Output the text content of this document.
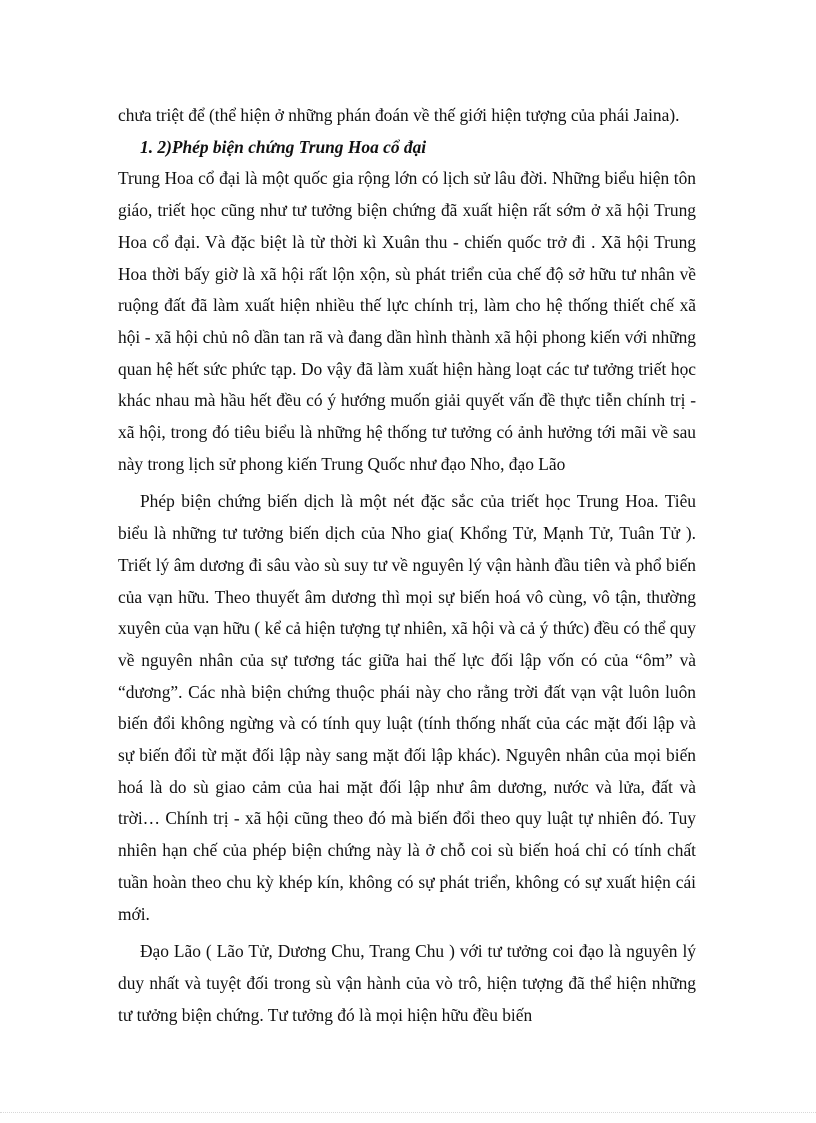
chưa triệt để (thể hiện ở những phán đoán về thế giới hiện tượng của phái Jaina).

1. 2)Phép biện chứng Trung Hoa cổ đại

Trung Hoa cổ đại là một quốc gia rộng lớn có lịch sử lâu đời. Những biểu hiện tôn giáo, triết học cũng như tư tưởng biện chứng đã xuất hiện rất sớm ở xã hội Trung Hoa cổ đại. Và đặc biệt là từ thời kì Xuân thu - chiến quốc trở đi . Xã hội Trung Hoa thời bấy giờ là xã hội rất lộn xộn, sù phát triển của chế độ sở hữu tư nhân về ruộng đất đã làm xuất hiện nhiều thế lực chính trị, làm cho hệ thống thiết chế xã hội - xã hội chủ nô dần tan rã và đang dần hình thành xã hội phong kiến với những quan hệ hết sức phức tạp. Do vậy đã làm xuất hiện hàng loạt các tư tưởng triết học khác nhau mà hầu hết đều có ý hướng muốn giải quyết vấn đề thực tiễn chính trị - xã hội, trong đó tiêu biểu là những hệ thống tư tưởng có ảnh hưởng tới mãi về sau này trong lịch sử phong kiến Trung Quốc như đạo Nho, đạo Lão

Phép biện chứng biến dịch là một nét đặc sắc của triết học Trung Hoa. Tiêu biểu là những tư tưởng biến dịch của Nho gia( Khổng Tử, Mạnh Tử, Tuân Tử ). Triết lý âm dương đi sâu vào sù suy tư về nguyên lý vận hành đầu tiên và phổ biến của vạn hữu. Theo thuyết âm dương thì mọi sự biến hoá vô cùng, vô tận, thường xuyên của vạn hữu ( kể cả hiện tượng tự nhiên, xã hội và cả ý thức) đều có thể quy về nguyên nhân của sự tương tác giữa hai thế lực đối lập vốn có của “ôm” và “dương”. Các nhà biện chứng thuộc phái này cho rằng trời đất vạn vật luôn luôn biến đổi không ngừng và có tính quy luật (tính thống nhất của các mặt đối lập và sự biến đổi từ mặt đối lập này sang mặt đối lập khác). Nguyên nhân của mọi biến hoá là do sù giao cảm của hai mặt đối lập như âm dương, nước và lửa, đất và trời… Chính trị - xã hội cũng theo đó mà biến đổi theo quy luật tự nhiên đó. Tuy nhiên hạn chế của phép biện chứng này là ở chỗ coi sù biến hoá chỉ có tính chất tuần hoàn theo chu kỳ khép kín, không có sự phát triển, không có sự xuất hiện cái mới.

Đạo Lão ( Lão Tử, Dương Chu, Trang Chu ) với tư tưởng coi đạo là nguyên lý duy nhất và tuyệt đối trong sù vận hành của vò trô, hiện tượng đã thể hiện những tư tưởng biện chứng. Tư tưởng đó là mọi hiện hữu đều biến
